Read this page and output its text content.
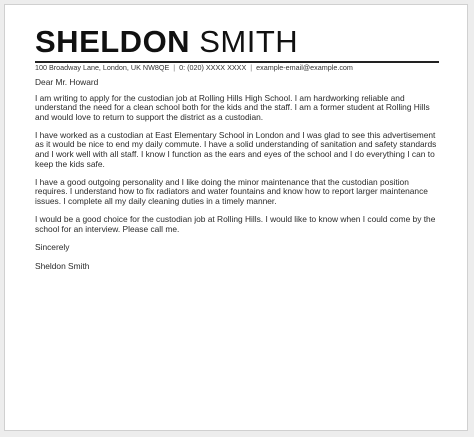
SHELDON SMITH
100 Broadway Lane, London, UK NW8QE | 0: (020) XXXX XXXX | example-email@example.com

Dear Mr. Howard

I am writing to apply for the custodian job at Rolling Hills High School. I am hardworking reliable and understand the need for a clean school both for the kids and the staff. I am a former student at Rolling Hills and would love to return to support the district as a custodian.

I have worked as a custodian at East Elementary School in London and I was glad to see this advertisement as it would be nice to end my daily commute. I have a solid understanding of sanitation and safety standards and I work well with all staff. I know I function as the ears and eyes of the school and I do everything I can to keep the kids safe.

I have a good outgoing personality and I like doing the minor maintenance that the custodian position requires. I understand how to fix radiators and water fountains and know how to report larger maintenance issues. I complete all my daily cleaning duties in a timely manner.

I would be a good choice for the custodian job at Rolling Hills. I would like to know when I could come by the school for an interview. Please call me.

Sincerely

Sheldon Smith
